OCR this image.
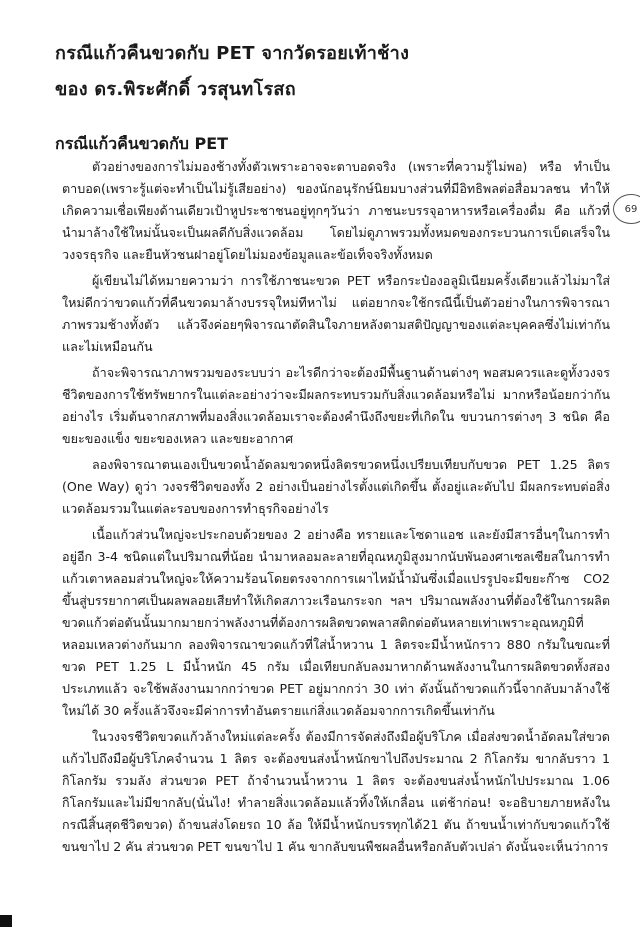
กรณีแก้วคืนขวดกับ PET จากวัดรอยเท้าช้าง
ของ ดร.พิระศักดิ์ วรสุนทโรสถ
กรณีแก้วคืนขวดกับ PET
69

ตัวอย่างของการไม่มองช้างทั้งตัวเพราะอาจจะตาบอดจริง (เพราะที่ความรู้ไม่พอ) หรือ ทำเป็นตาบอด(เพราะรู้แต่จะทำเป็นไม่รู้เสียอย่าง) ของนักอนุรักษ์นิยมบางส่วนที่มีอิทธิพลต่อสื่อมวลชน ทำให้เกิดความเชื่อเพียงด้านเดียวเป้าหูประชาชนอยู่ทุกๆวันว่า ภาชนะบรรจุอาหารหรือเครื่องดื่ม คือ แก้วที่นำมาล้างใช้ใหม่นั้นจะเป็นผลดีกับสิ่งแวดล้อม โดยไม่ดูภาพรวมทั้งหมดของกระบวนการเบ็ดเสร็จในวงจรธุรกิจ และยืนหัวชนฝาอยู่โดยไม่มองข้อมูลและข้อเท็จจริงทั้งหมด

ผู้เขียนไม่ได้หมายความว่า การใช้ภาชนะขวด PET หรือกระป๋องอลูมิเนียมครั้งเดียวแล้วไม่มาใส่ใหม่ดีกว่าขวดแก้วที่คืนขวดมาล้างบรรจุใหม่ทีหาไม่ แต่อยากจะใช้กรณีนี้เป็นตัวอย่างในการพิจารณาภาพรวมช้างทั้งตัว แล้วจึงค่อยๆพิจารณาตัดสินใจภายหลังตามสติปัญญาของแต่ละบุคคลซึ่งไม่เท่ากันและไม่เหมือนกัน

ถ้าจะพิจารณาภาพรวมของระบบว่า อะไรดีกว่าจะต้องมีพื้นฐานด้านต่างๆ พอสมควรและดูทั้งวงจรชีวิตของการใช้ทรัพยากรในแต่ละอย่างว่าจะมีผลกระทบรวมกับสิ่งแวดล้อมหรือไม่ มากหรือน้อยกว่ากันอย่างไร เริ่มต้นจากสภาพที่มองสิ่งแวดล้อมเราจะต้องคำนึงถึงขยะที่เกิดใน ขบวนการต่างๆ 3 ชนิด คือ ขยะของแข็ง ขยะของเหลว และขยะอากาศ

ลองพิจารณาตนเองเป็นขวดน้ำอัดลมขวดหนึ่งลิตรขวดหนึ่งเปรียบเทียบกับขวด PET 1.25 ลิตร (One Way) ดูว่า วงจรชีวิตของทั้ง 2 อย่างเป็นอย่างไรตั้งแต่เกิดขึ้น ตั้งอยู่และดับไป มีผลกระทบต่อสิ่งแวดล้อมรวมในแต่ละรอบของการทำธุรกิจอย่างไร

เนื้อแก้วส่วนใหญ่จะประกอบด้วยของ 2 อย่างคือ ทรายและโซดาแอช และยังมีสารอื่นๆในการทำอยู่อีก 3-4 ชนิดแต่ในปริมาณที่น้อย นำมาหลอมละลายที่อุณหภูมิสูงมากนับพันองศาเซลเซียสในการทำแก้วเตาหลอมส่วนใหญ่จะให้ความร้อนโดยตรงจากการเผาไหม้น้ำมันซึ่งเมื่อแปรรูปจะมีขยะก๊าซ CO2 ขึ้นสู่บรรยากาศเป็นผลพลอยเสียทำให้เกิดสภาวะเรือนกระจก ฯลฯ ปริมาณพลังงานที่ต้องใช้ในการผลิตขวดแก้วต่อตันนั้นมากมายกว่าพลังงานที่ต้องการผลิตขวดพลาสติกต่อตันหลายเท่าเพราะอุณหภูมิที่หลอมเหลวต่างกันมาก ลองพิจารณาขวดแก้วที่ใส่น้ำหวาน 1 ลิตรจะมีน้ำหนักราว 880 กรัมในขณะที่ขวด PET 1.25 L มีน้ำหนัก 45 กรัม เมื่อเทียบกลับลงมาหากด้านพลังงานในการผลิตขวดทั้งสองประเภทแล้ว จะใช้พลังงานมากกว่าขวด PET อยู่มากกว่า 30 เท่า ดังนั้นถ้าขวดแก้วนี้จากลับมาล้างใช้ใหม่ได้ 30 ครั้งแล้วจึงจะมีค่าการทำอันตรายแก่สิ่งแวดล้อมจากการเกิดขึ้นเท่ากัน

ในวงจรชีวิตขวดแก้วล้างใหม่แต่ละครั้ง ต้องมีการจัดส่งถึงมือผู้บริโภค เมื่อส่งขวดน้ำอัดลมใส่ขวดแก้วไปถึงมือผู้บริโภคจำนวน 1 ลิตร จะต้องขนส่งน้ำหนักขาไปถึงประมาณ 2 กิโลกรัม ขากลับราว 1 กิโลกรัม รวมลัง ส่วนขวด PET ถ้าจำนวนน้ำหวาน 1 ลิตร จะต้องขนส่งน้ำหนักไปประมาณ 1.06 กิโลกรัมและไม่มีขากลับ(นั่นไง! ทำลายสิ่งแวดล้อมแล้วทิ้งให้เกลื่อน แต่ช้าก่อน! จะอธิบายภายหลังในกรณีสิ้นสุดชีวิตขวด) ถ้าขนส่งโดยรถ 10 ล้อ ให้มีน้ำหนักบรรทุกได้21 ตัน ถ้าขนน้ำเท่ากับขวดแก้วใช้ขนขาไป 2 คัน ส่วนขวด PET ขนขาไป 1 คัน ขากลับขนพืชผลอื่นหรือกลับตัวเปล่า ดังนั้นจะเห็นว่าการ
